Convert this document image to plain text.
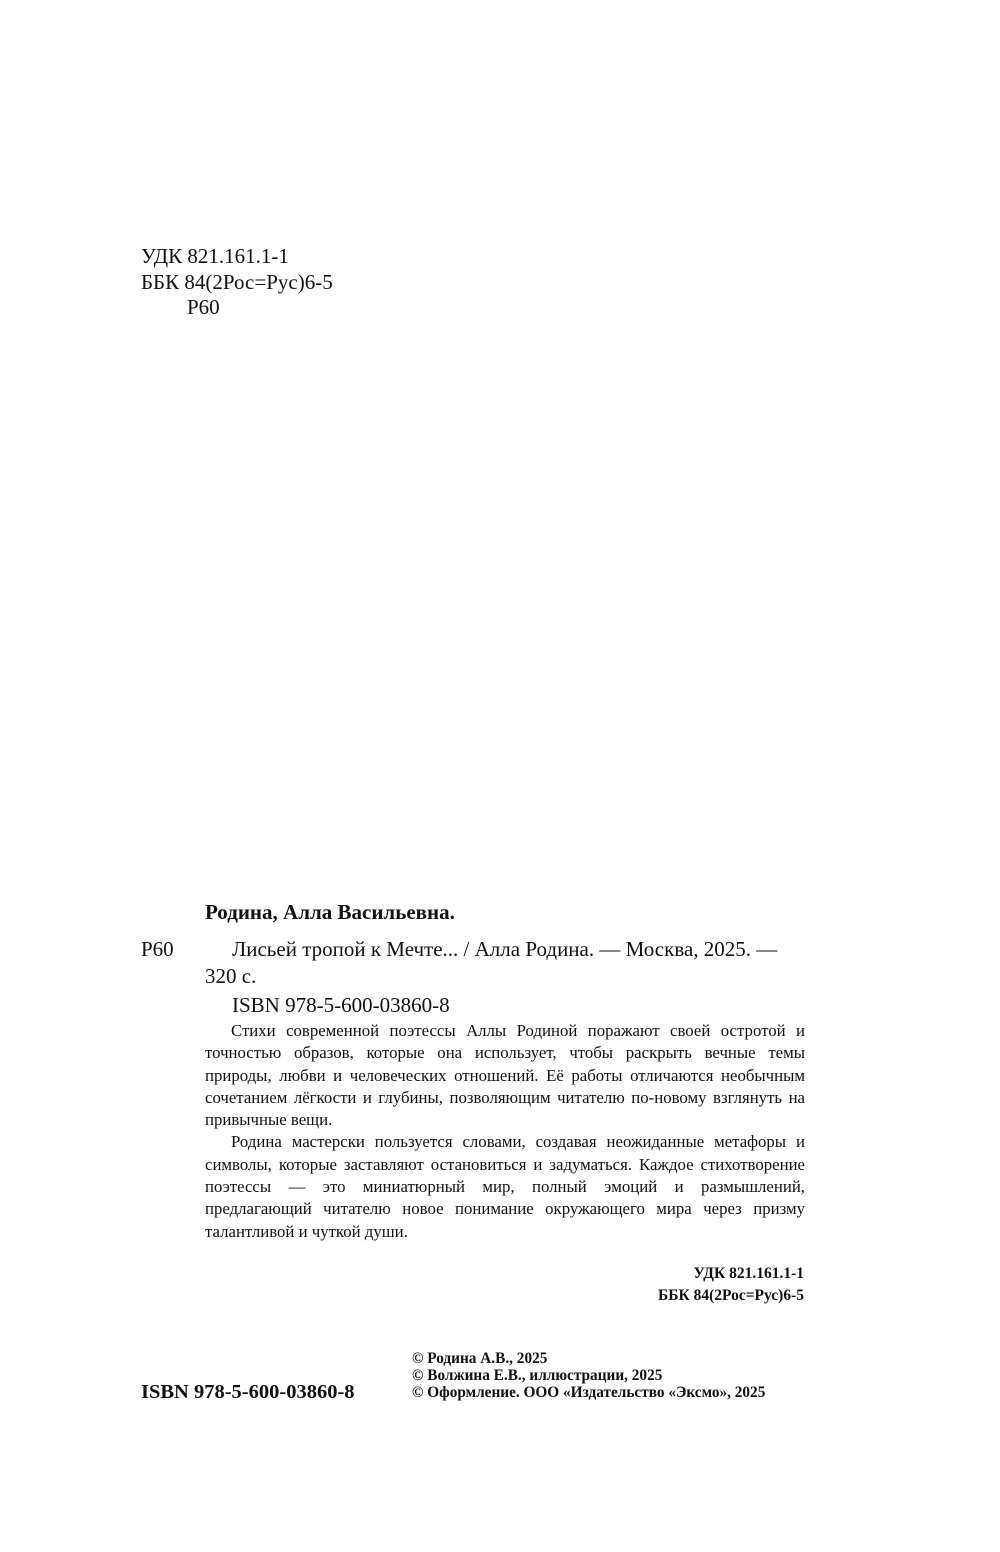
УДК 821.161.1-1
ББК 84(2Рос=Рус)6-5
Р60
Родина, Алла Васильевна.
Р60	Лисьей тропой к Мечте... / Алла Родина. — Москва, 2025. —
320 с.
ISBN 978-5-600-03860-8

Стихи современной поэтессы Аллы Родиной поражают своей остротой и точностью образов, которые она использует, чтобы раскрыть вечные темы природы, любви и человеческих отношений. Её работы отличаются необычным сочетанием лёгкости и глубины, позволяющим читателю по-новому взглянуть на привычные вещи.

Родина мастерски пользуется словами, создавая неожиданные метафоры и символы, которые заставляют остановиться и задуматься. Каждое стихотворение поэтессы — это миниатюрный мир, полный эмоций и размышлений, предлагающий читателю новое понимание окружающего мира через призму талантливой и чуткой души.

УДК 821.161.1-1
ББК 84(2Рос=Рус)6-5
ISBN 978-5-600-03860-8
© Родина А.В., 2025
© Волжина Е.В., иллюстрации, 2025
© Оформление. ООО «Издательство «Эксмо», 2025
